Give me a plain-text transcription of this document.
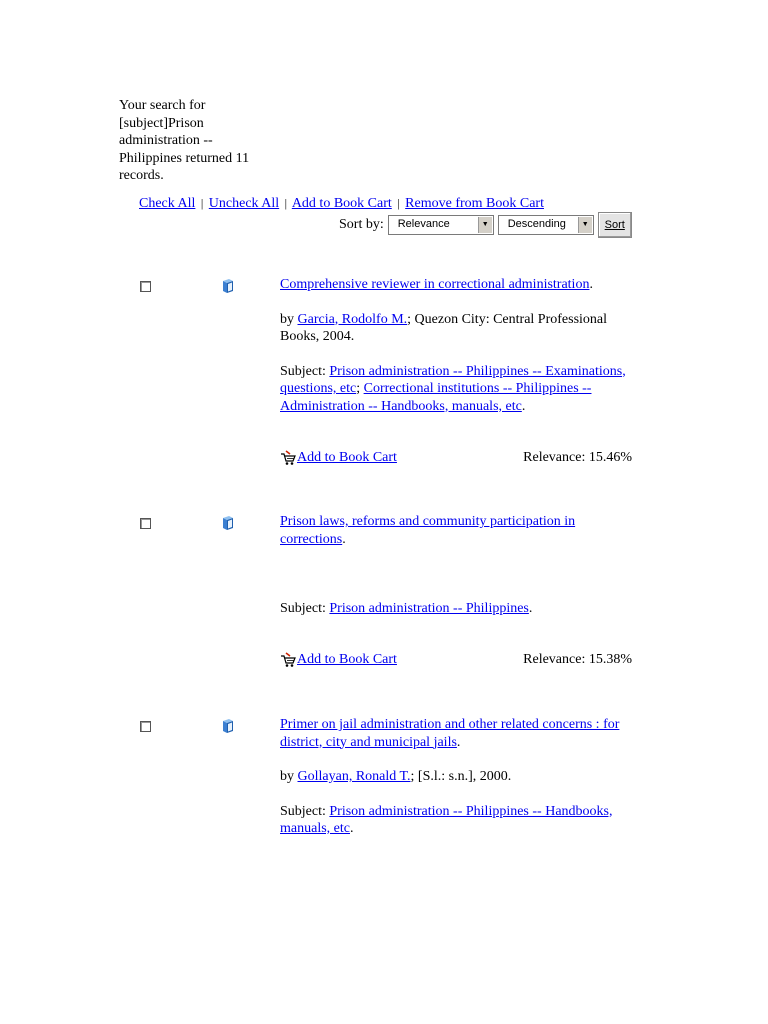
Your search for
[subject]Prison
administration --
Philippines returned 11
records.
Check All | Uncheck All | Add to Book Cart | Remove from Book Cart
Sort by:	Relevance	▼	Descending	▼	Sort

Comprehensive reviewer in correctional administration.

by Garcia, Rodolfo M.; Quezon City: Central Professional Books, 2004.

Subject: Prison administration -- Philippines -- Examinations, questions, etc; Correctional institutions -- Philippines -- Administration -- Handbooks, manuals, etc.

Add to Book Cart	Relevance: 15.46%

Prison laws, reforms and community participation in corrections.

Subject: Prison administration -- Philippines.

Add to Book Cart	Relevance: 15.38%

Primer on jail administration and other related concerns : for district, city and municipal jails.

by Gollayan, Ronald T.; [S.l.: s.n.], 2000.

Subject: Prison administration -- Philippines -- Handbooks, manuals, etc.
